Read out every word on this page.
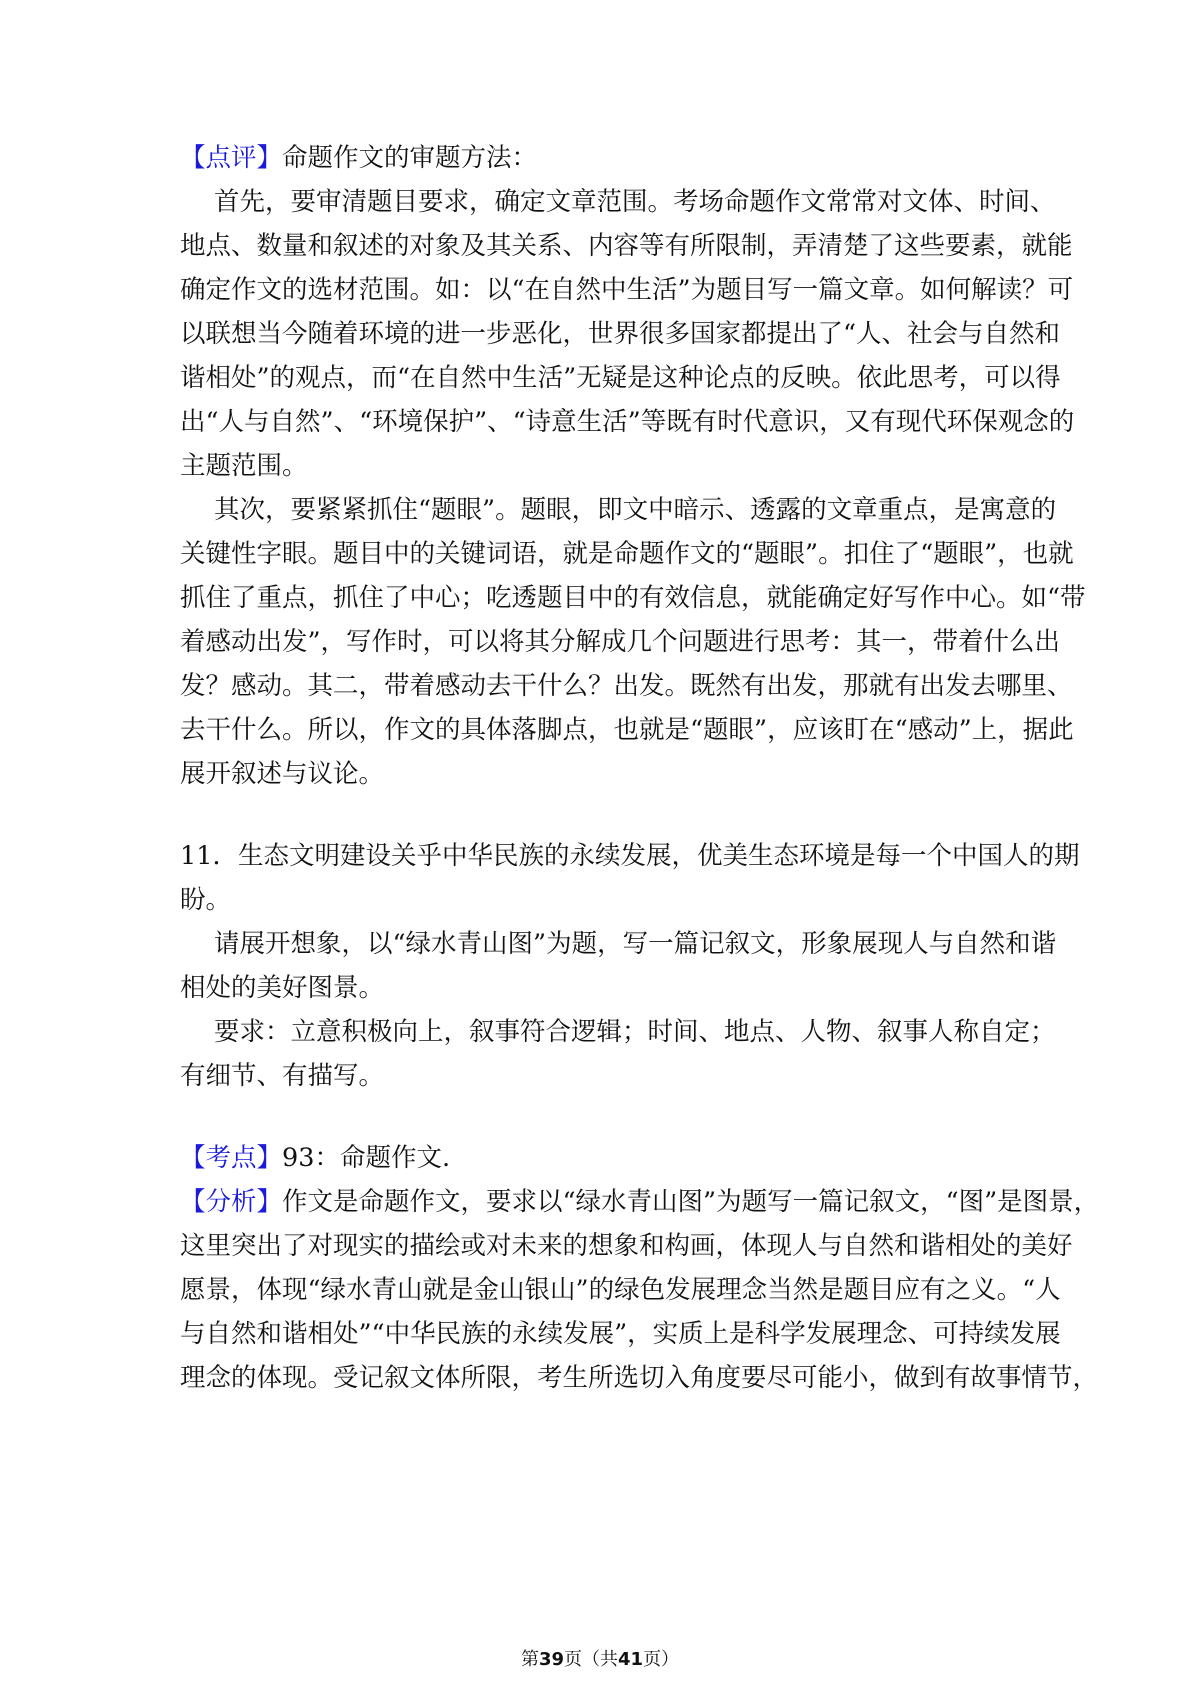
【点评】命题作文的审题方法：
首先，要审清题目要求，确定文章范围。考场命题作文常常对文体、时间、
地点、数量和叙述的对象及其关系、内容等有所限制，弄清楚了这些要素，就能
确定作文的选材范围。如：以“在自然中生活”为题目写一篇文章。如何解读？可
以联想当今随着环境的进一步恶化，世界很多国家都提出了“人、社会与自然和
谐相处”的观点，而“在自然中生活”无疑是这种论点的反映。依此思考，可以得
出“人与自然”、“环境保护”、“诗意生活”等既有时代意识，又有现代环保观念的
主题范围。
其次，要紧紧抓住“题眼”。题眼，即文中暗示、透露的文章重点，是寓意的
关键性字眼。题目中的关键词语，就是命题作文的“题眼”。扣住了“题眼”，也就
抓住了重点，抓住了中心；吃透题目中的有效信息，就能确定好写作中心。如“带
着感动出发”，写作时，可以将其分解成几个问题进行思考：其一，带着什么出
发？感动。其二，带着感动去干什么？出发。既然有出发，那就有出发去哪里、
去干什么。所以，作文的具体落脚点，也就是“题眼”，应该盯在“感动”上，据此
展开叙述与议论。
11．生态文明建设关乎中华民族的永续发展，优美生态环境是每一个中国人的期
盼。
请展开想象，以“绿水青山图”为题，写一篇记叙文，形象展现人与自然和谐
相处的美好图景。
要求：立意积极向上，叙事符合逻辑；时间、地点、人物、叙事人称自定；
有细节、有描写。
【考点】93：命题作文.
【分析】作文是命题作文，要求以“绿水青山图”为题写一篇记叙文，“图”是图景，
这里突出了对现实的描绘或对未来的想象和构画，体现人与自然和谐相处的美好
愿景，体现“绿水青山就是金山银山”的绿色发展理念当然是题目应有之义。“人
与自然和谐相处”“中华民族的永续发展”，实质上是科学发展理念、可持续发展
理念的体现。受记叙文体所限，考生所选切入角度要尽可能小，做到有故事情节，
第39页（共41页）
